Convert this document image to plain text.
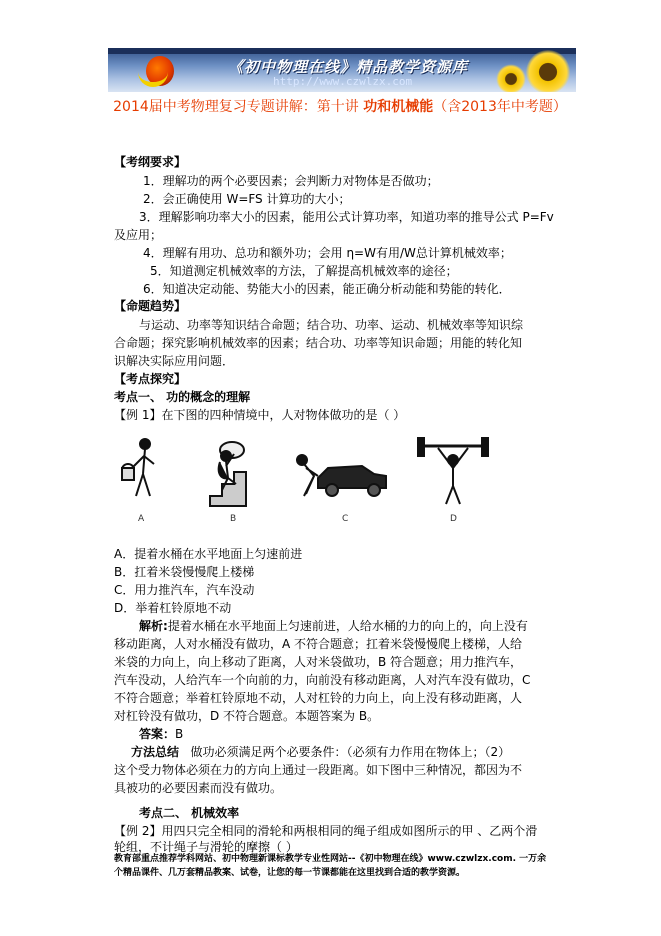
《初中物理在线》精品教学资源库
http://www.czwlzx.com
2014届中考物理复习专题讲解：第十讲 功和机械能（含2013年中考题）
【考纲要求】
1．理解功的两个必要因素；会判断力对物体是否做功；
2．会正确使用 W=FS 计算功的大小；
3．理解影响功率大小的因素，能用公式计算功率，知道功率的推导公式 P=Fv
及应用；
4．理解有用功、总功和额外功；会用 η=W有用/W总计算机械效率；
5．知道测定机械效率的方法，了解提高机械效率的途径；
6．知道决定动能、势能大小的因素，能正确分析动能和势能的转化．
【命题趋势】
与运动、功率等知识结合命题；结合功、功率、运动、机械效率等知识综
合命题；探究影响机械效率的因素；结合功、功率等知识命题；用能的转化知
识解决实际应用问题．
【考点探究】
考点一、 功的概念的理解
【例 1】在下图的四种情境中，人对物体做功的是（ ）
A	B	C	D
A．提着水桶在水平地面上匀速前进
B．扛着米袋慢慢爬上楼梯
C．用力推汽车，汽车没动
D．举着杠铃原地不动
解析:提着水桶在水平地面上匀速前进，人给水桶的力的向上的，向上没有
移动距离，人对水桶没有做功，A 不符合题意；扛着米袋慢慢爬上楼梯，人给
米袋的力向上，向上移动了距离，人对米袋做功，B 符合题意；用力推汽车，
汽车没动，人给汽车一个向前的力，向前没有移动距离，人对汽车没有做功，C
不符合题意；举着杠铃原地不动，人对杠铃的力向上，向上没有移动距离，人
对杠铃没有做功，D 不符合题意。本题答案为 B。
答案：B
方法总结 做功必须满足两个必要条件：（必须有力作用在物体上；（2）
这个受力物体必须在力的方向上通过一段距离。如下图中三种情况，都因为不
具被功的必要因素而没有做功。
考点二、 机械效率
【例 2】用四只完全相同的滑轮和两根相同的绳子组成如图所示的甲 、乙两个滑
轮组，不计绳子与滑轮的摩擦（ ）
教育部重点推荐学科网站、初中物理新课标教学专业性网站--《初中物理在线》www.czwlzx.com. 一万余
个精品课件、几万套精品教案、试卷，让您的每一节课都能在这里找到合适的教学资源。
